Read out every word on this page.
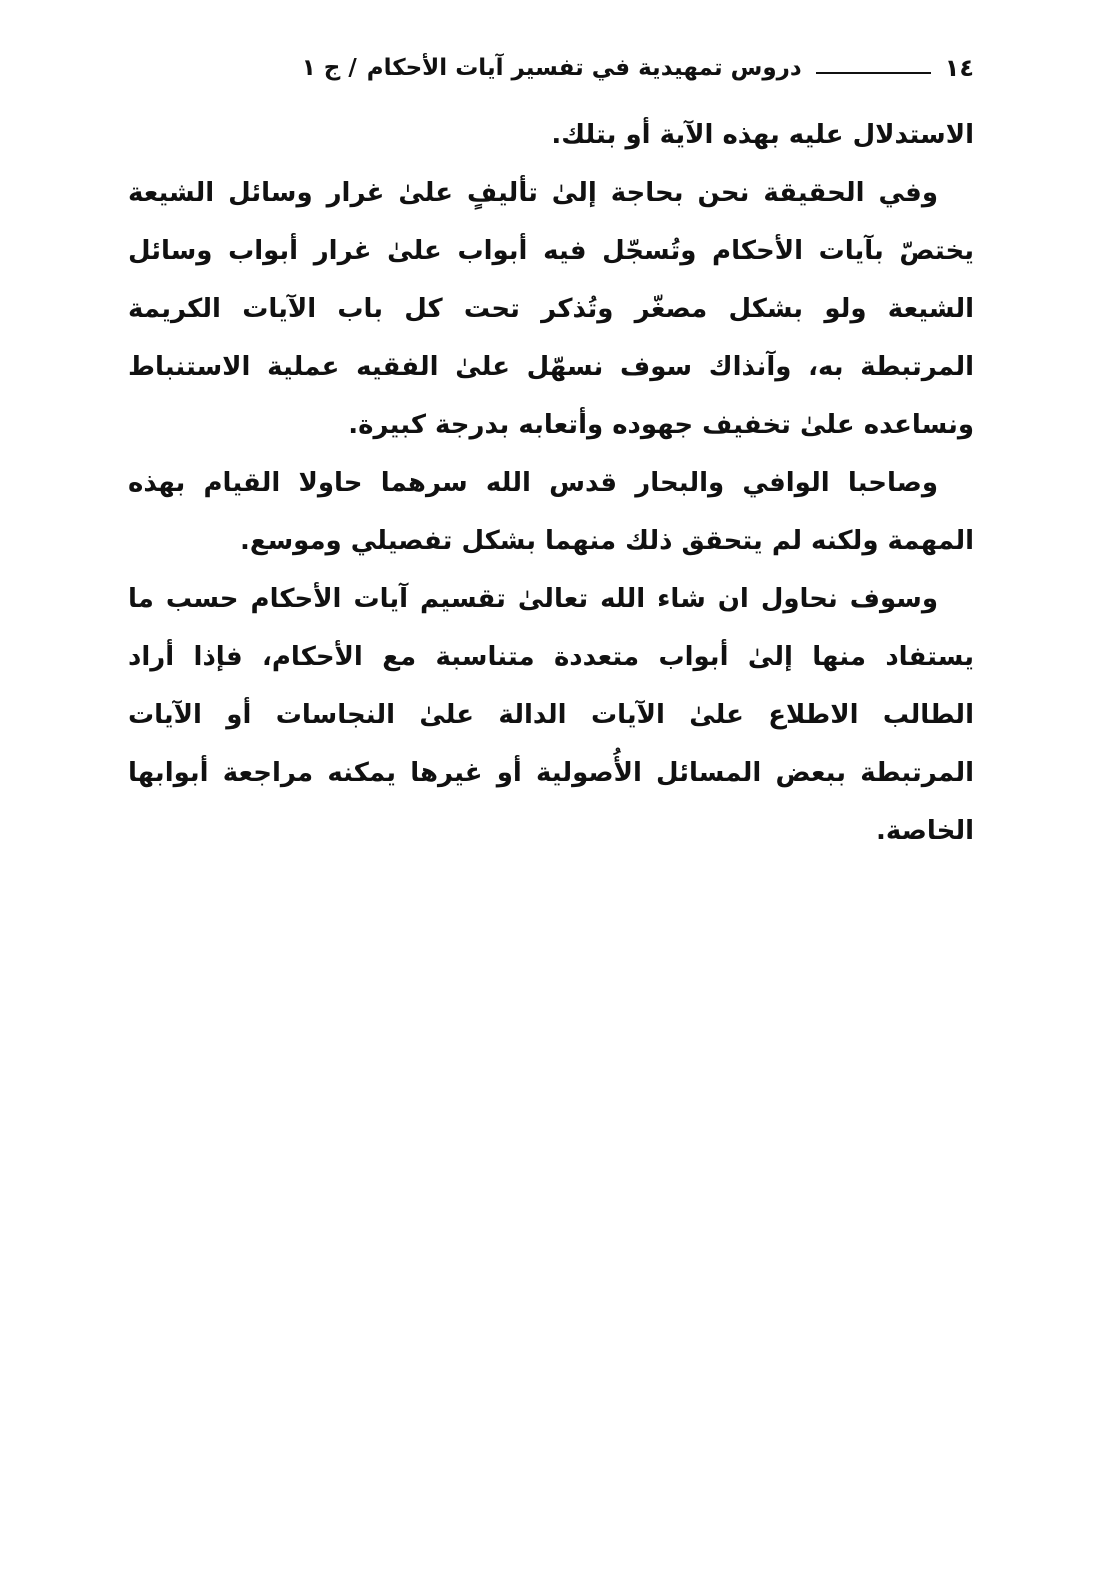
١٤
دروس تمهيدية في تفسير آيات الأحكام
/ ج ١

الاستدلال عليه بهذه الآية أو بتلك.

وفي الحقيقة نحن بحاجة إلىٰ تأليفٍ علىٰ غرار وسائل الشيعة يختصّ بآيات الأحكام وتُسجّل فيه أبواب علىٰ غرار أبواب وسائل الشيعة ولو بشكل مصغّر وتُذكر تحت كل باب الآيات الكريمة المرتبطة به، وآنذاك سوف نسهّل علىٰ الفقيه عملية الاستنباط ونساعده علىٰ تخفيف جهوده وأتعابه بدرجة كبيرة.

وصاحبا الوافي والبحار قدس الله سرهما حاولا القيام بهذه المهمة ولكنه لم يتحقق ذلك منهما بشكل تفصيلي وموسع.

وسوف نحاول ان شاء الله تعالىٰ تقسيم آيات الأحكام حسب ما يستفاد منها إلىٰ أبواب متعددة متناسبة مع الأحكام، فإذا أراد الطالب الاطلاع علىٰ الآيات الدالة علىٰ النجاسات أو الآيات المرتبطة ببعض المسائل الأُصولية أو غيرها يمكنه مراجعة أبوابها الخاصة.
